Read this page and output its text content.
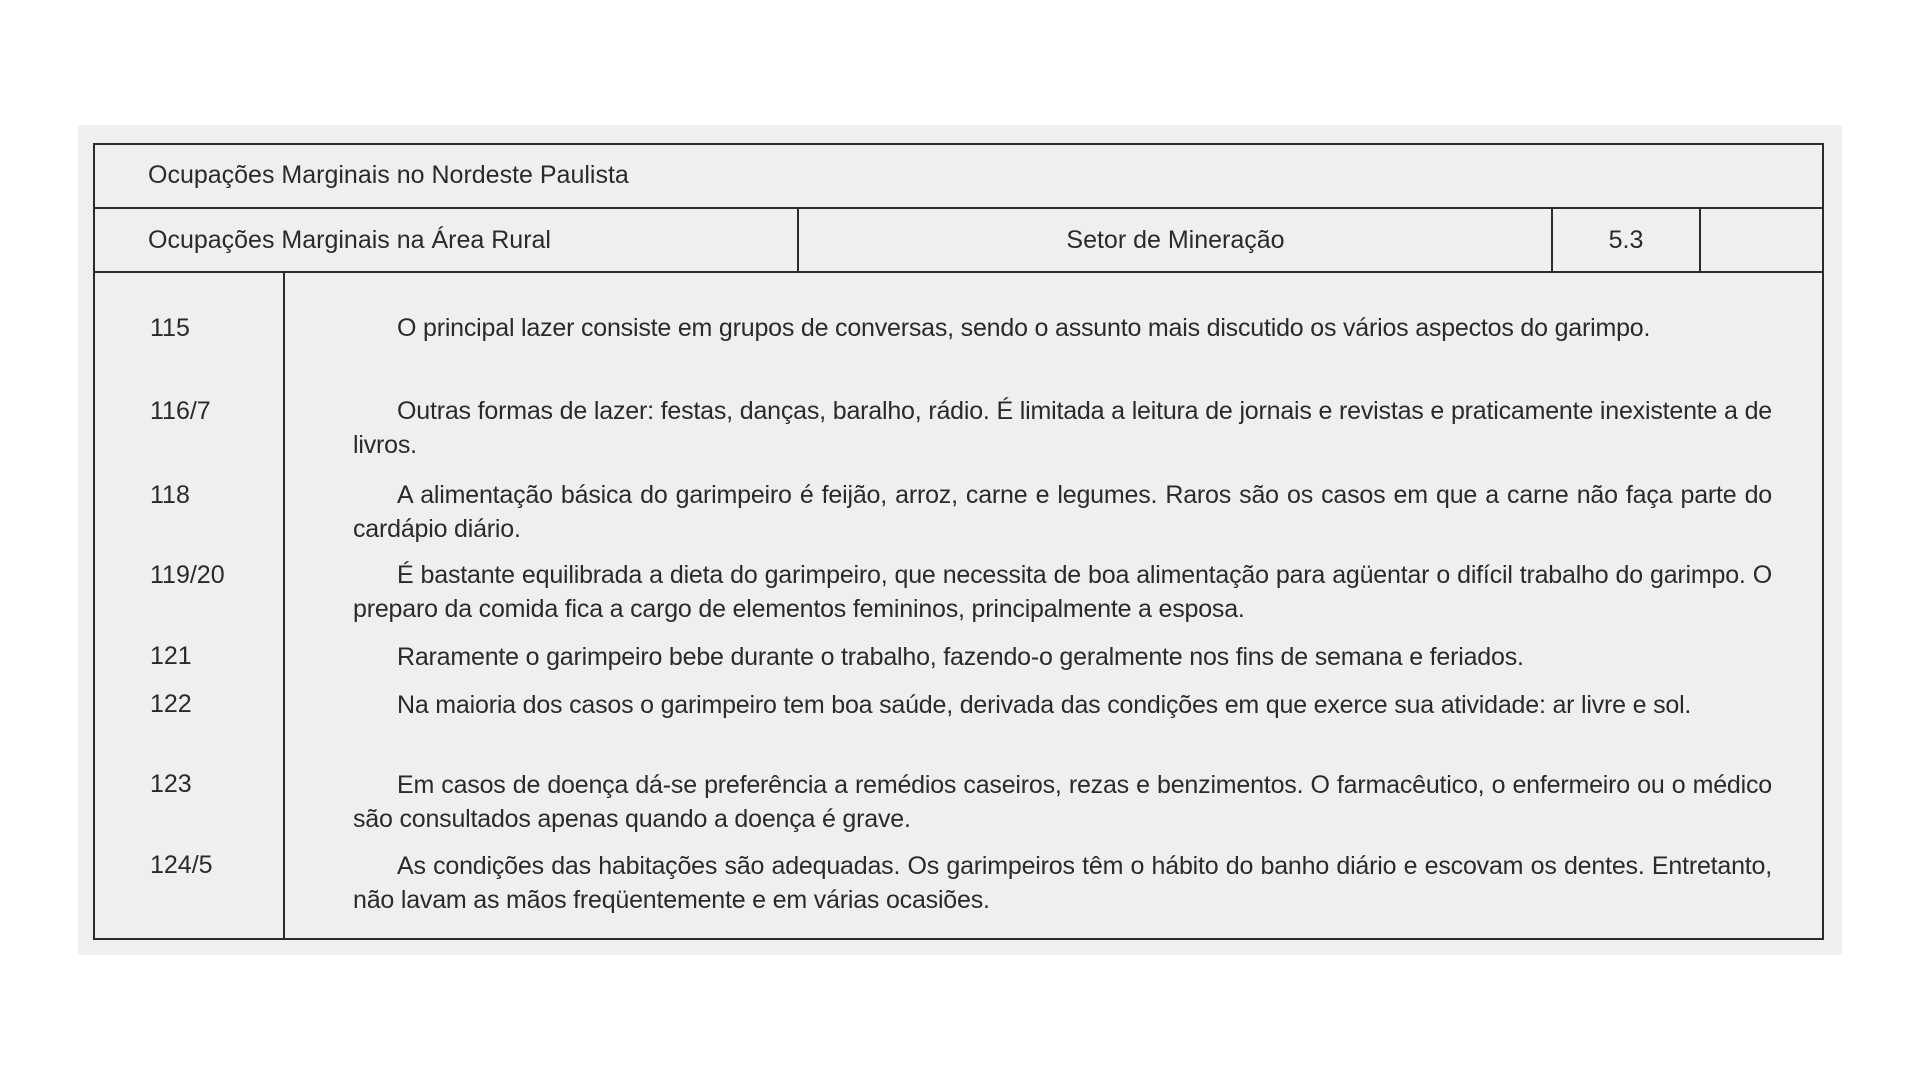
Ocupações Marginais no Nordeste Paulista
Ocupações Marginais na Área Rural	Setor de Mineração	5.3
115	O principal lazer consiste em grupos de conversas, sendo o assunto mais discutido os vários aspectos do garimpo.
116/7	Outras formas de lazer: festas, danças, baralho, rádio. É limitada a leitura de jornais e revistas e praticamente inexistente a de livros.
118	A alimentação básica do garimpeiro é feijão, arroz, carne e legumes. Raros são os casos em que a carne não faça parte do cardápio diário.
119/20	É bastante equilibrada a dieta do garimpeiro, que necessita de boa alimentação para agüentar o difícil trabalho do garimpo. O preparo da comida fica a cargo de elementos femininos, principalmente a esposa.
121	Raramente o garimpeiro bebe durante o trabalho, fazendo-o geralmente nos fins de semana e feriados.
122	Na maioria dos casos o garimpeiro tem boa saúde, derivada das condições em que exerce sua atividade: ar livre e sol.
123	Em casos de doença dá-se preferência a remédios caseiros, rezas e benzimentos. O farmacêutico, o enfermeiro ou o médico são consultados apenas quando a doença é grave.
124/5	As condições das habitações são adequadas. Os garimpeiros têm o hábito do banho diário e escovam os dentes. Entretanto, não lavam as mãos freqüentemente e em várias ocasiões.
